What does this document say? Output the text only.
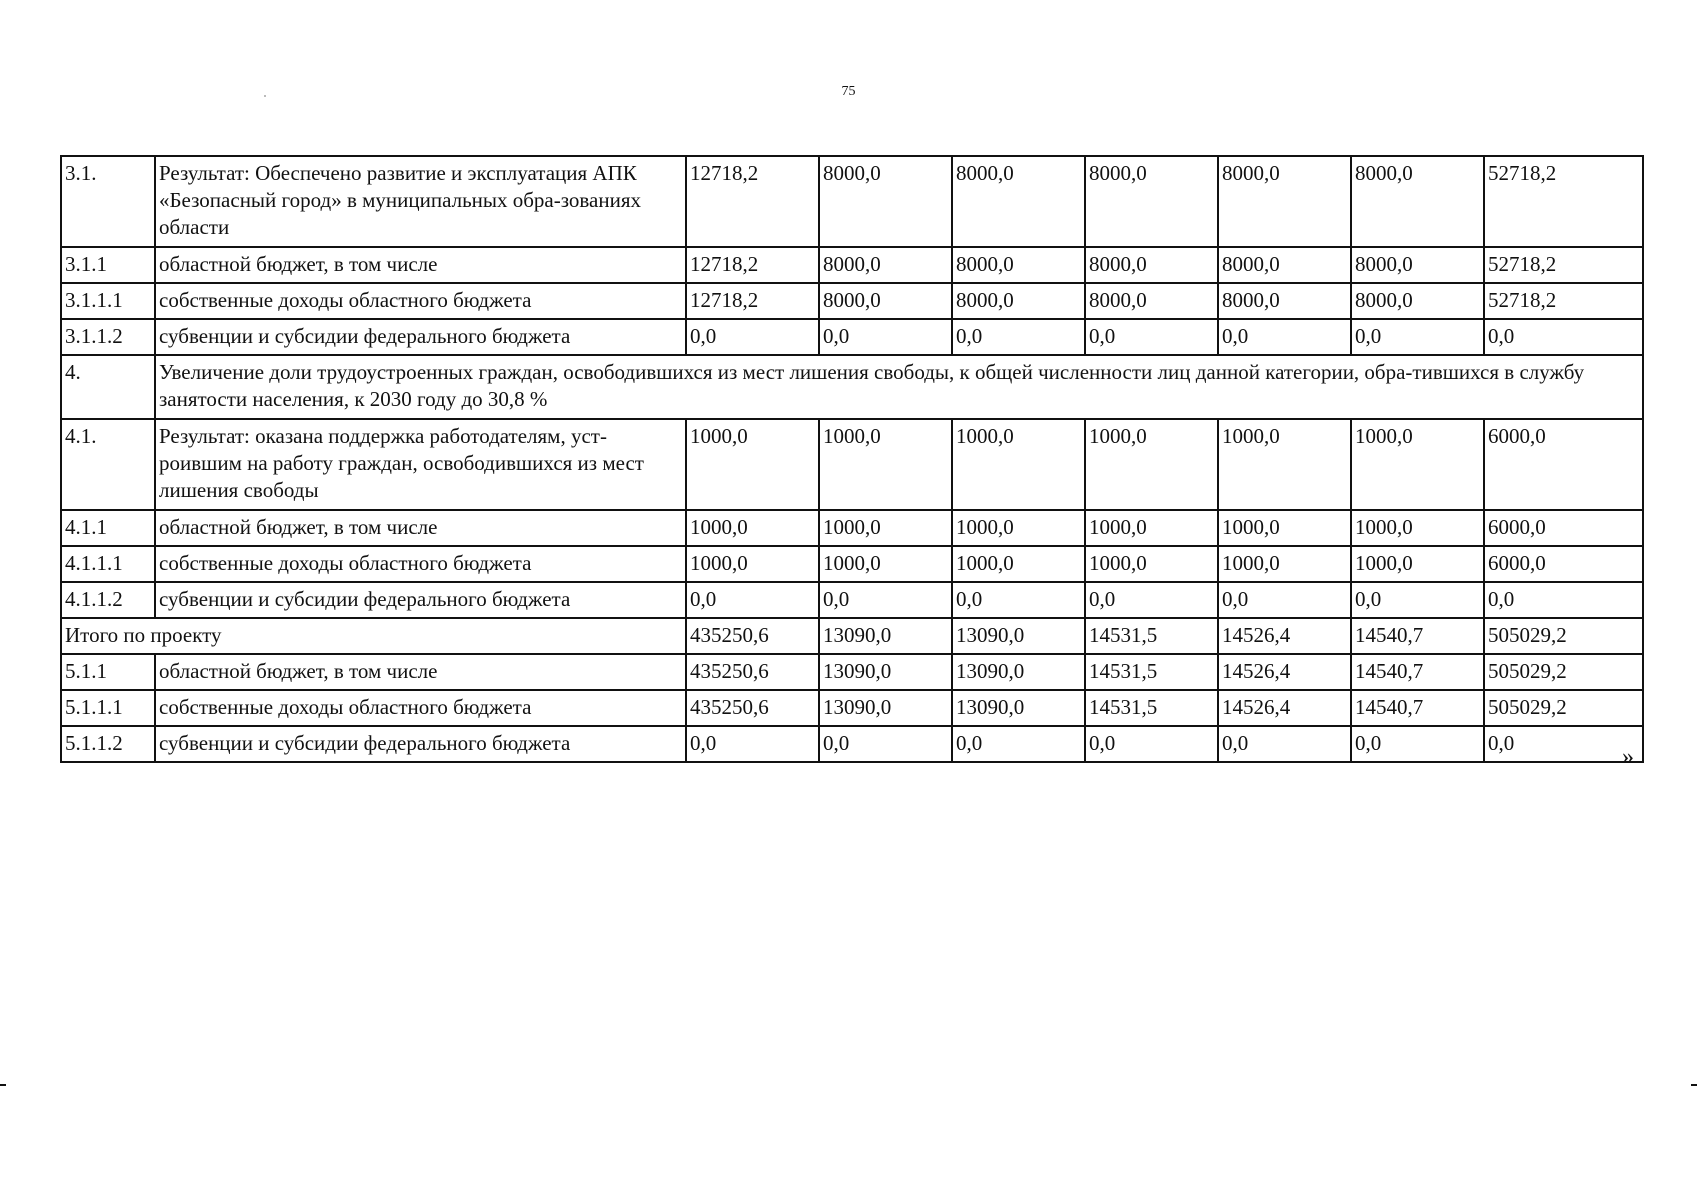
75
3.1.	Результат: Обеспечено развитие и эксплуатация АПК «Безопасный город» в муниципальных обра-зованиях области	12718,2	8000,0	8000,0	8000,0	8000,0	8000,0	52718,2
3.1.1	областной бюджет, в том числе	12718,2	8000,0	8000,0	8000,0	8000,0	8000,0	52718,2
3.1.1.1	собственные доходы областного бюджета	12718,2	8000,0	8000,0	8000,0	8000,0	8000,0	52718,2
3.1.1.2	субвенции и субсидии федерального бюджета	0,0	0,0	0,0	0,0	0,0	0,0	0,0
4.	Увеличение доли трудоустроенных граждан, освободившихся из мест лишения свободы, к общей численности лиц данной категории, обра-тившихся в службу занятости населения, к 2030 году до 30,8 %							
4.1.	Результат: оказана поддержка работодателям, уст-роившим на работу граждан, освободившихся из мест лишения свободы	1000,0	1000,0	1000,0	1000,0	1000,0	1000,0	6000,0
4.1.1	областной бюджет, в том числе	1000,0	1000,0	1000,0	1000,0	1000,0	1000,0	6000,0
4.1.1.1	собственные доходы областного бюджета	1000,0	1000,0	1000,0	1000,0	1000,0	1000,0	6000,0
4.1.1.2	субвенции и субсидии федерального бюджета	0,0	0,0	0,0	0,0	0,0	0,0	0,0
Итого по проекту		435250,6	13090,0	13090,0	14531,5	14526,4	14540,7	505029,2
5.1.1	областной бюджет, в том числе	435250,6	13090,0	13090,0	14531,5	14526,4	14540,7	505029,2
5.1.1.1	собственные доходы областного бюджета	435250,6	13090,0	13090,0	14531,5	14526,4	14540,7	505029,2
5.1.1.2	субвенции и субсидии федерального бюджета	0,0	0,0	0,0	0,0	0,0	0,0	0,0
»
